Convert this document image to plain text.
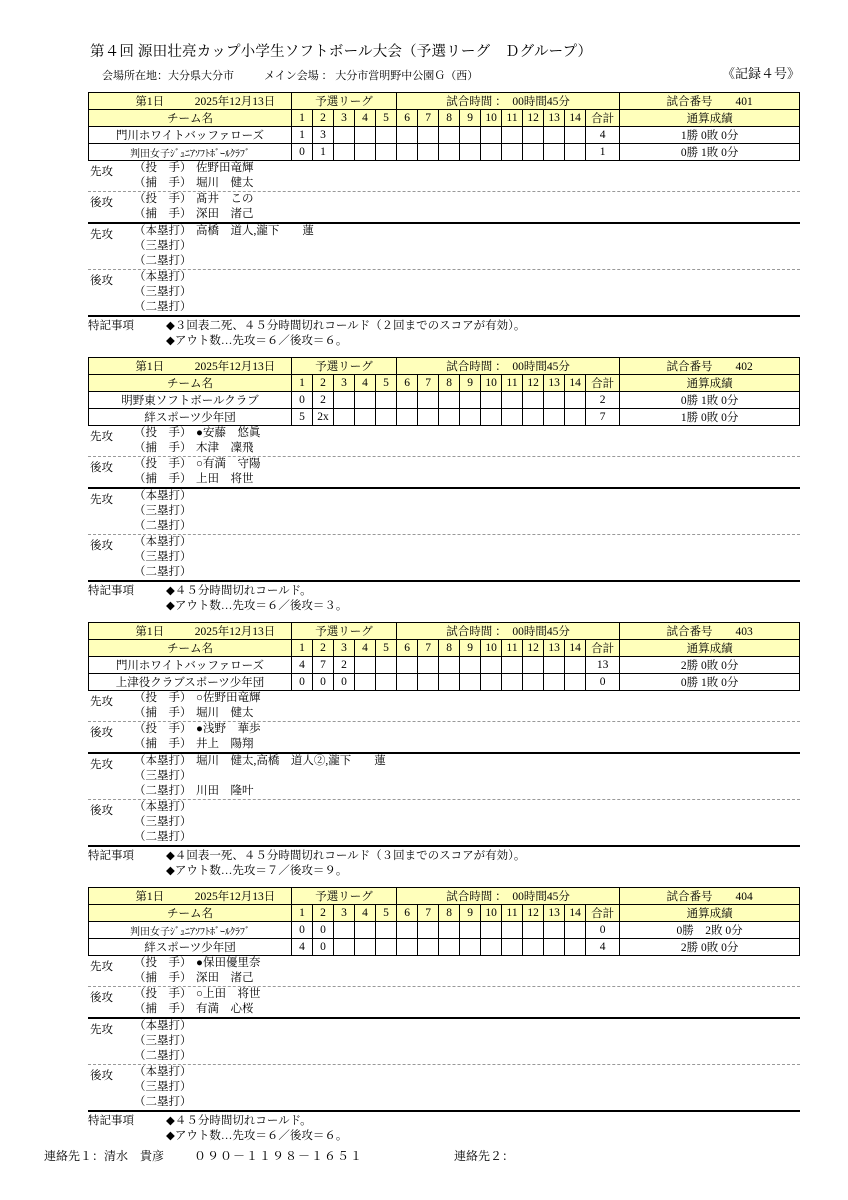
第４回 源田壮亮カップ小学生ソフトボール大会（予選リーグ　Ｄグループ）
会場所在地：大分県大分市	メイン会場 ： 大分市営明野中公園Ｇ（西）	《記録４号》
第1日 2025年12月13日	予選リーグ					試合時間 ：　00時間45分										試合番号　　401
チーム名	1	2	3	4	5	6	7	8	9	10	11	12	13	14	合計	通算成績
門川ホワイトバッファローズ	1	3													4	1勝 0敗 0分
判田女子ｼﾞｭﾆｱｿﾌﾄﾎﾞｰﾙｸﾗﾌﾞ	0	1													1	0勝 1敗 0分
先攻	（投　手） 佐野田竜輝
（捕　手） 堀川　健太
後攻	（投　手） 髙井　この
（捕　手） 深田　渚己
先攻	（本塁打） 高橋　道人,瀧下　　蓮
（三塁打）
（二塁打）
後攻	（本塁打）
（三塁打）
（二塁打）
特記事項	◆３回表二死、４５分時間切れコールド（２回までのスコアが有効）。
◆アウト数…先攻＝６／後攻＝６。
第1日 2025年12月13日	予選リーグ					試合時間 ：　00時間45分										試合番号　　402
チーム名	1	2	3	4	5	6	7	8	9	10	11	12	13	14	合計	通算成績
明野東ソフトボールクラブ	0	2													2	0勝 1敗 0分
絆スポーツ少年団	5	2x													7	1勝 0敗 0分
先攻	（投　手） ●安藤　悠眞
（捕　手） 木津　凜飛
後攻	（投　手） ○有満　守陽
（捕　手） 上田　将世
先攻	（本塁打）
（三塁打）
（二塁打）
後攻	（本塁打）
（三塁打）
（二塁打）
特記事項	◆４５分時間切れコールド。
◆アウト数…先攻＝６／後攻＝３。
第1日 2025年12月13日	予選リーグ					試合時間 ：　00時間45分										試合番号　　403
チーム名	1	2	3	4	5	6	7	8	9	10	11	12	13	14	合計	通算成績
門川ホワイトバッファローズ	4	7	2												13	2勝 0敗 0分
上津役クラブスポーツ少年団	0	0	0												0	0勝 1敗 0分
先攻	（投　手） ○佐野田竜輝
（捕　手） 堀川　健太
後攻	（投　手） ●浅野　華歩
（捕　手） 井上　陽翔
先攻	（本塁打） 堀川　健太,高橋　道人②,瀧下　　蓮
（三塁打）
（二塁打） 川田　隆叶
後攻	（本塁打）
（三塁打）
（二塁打）
特記事項	◆４回表一死、４５分時間切れコールド（３回までのスコアが有効）。
◆アウト数…先攻＝７／後攻＝９。
第1日 2025年12月13日	予選リーグ					試合時間 ：　00時間45分										試合番号　　404
チーム名	1	2	3	4	5	6	7	8	9	10	11	12	13	14	合計	通算成績
判田女子ｼﾞｭﾆｱｿﾌﾄﾎﾞｰﾙｸﾗﾌﾞ	0	0													0	0勝　2敗 0分
絆スポーツ少年団	4	0													4	2勝 0敗 0分
先攻	（投　手） ●保田優里奈
（捕　手） 深田　渚己
後攻	（投　手） ○上田　将世
（捕　手） 有満　心桜
先攻	（本塁打）
（三塁打）
（二塁打）
後攻	（本塁打）
（三塁打）
（二塁打）
特記事項	◆４５分時間切れコールド。
◆アウト数…先攻＝６／後攻＝６。
連絡先１：清水　貴彦	０９０－１１９８－１６５１	連絡先２：
